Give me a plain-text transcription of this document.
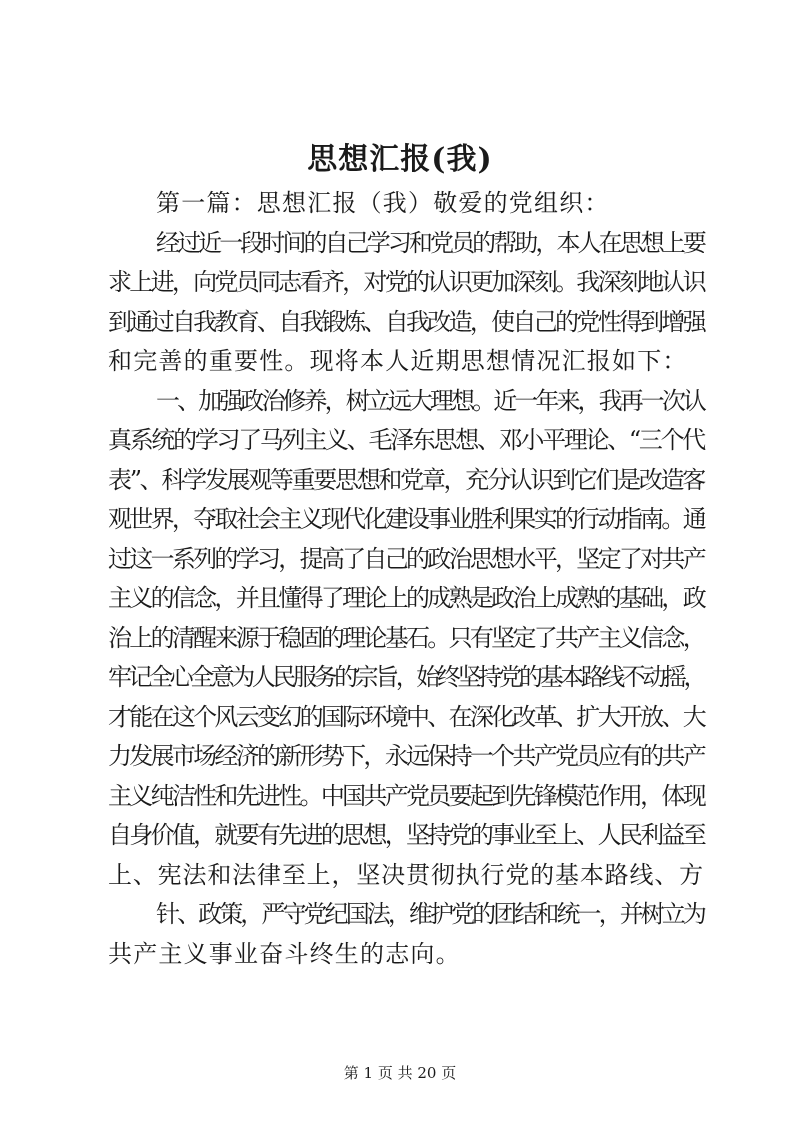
思想汇报(我)
第一篇：思想汇报（我）敬爱的党组织：
经过近一段时间的自己学习和党员的帮助，本人在思想上要
求上进，向党员同志看齐，对党的认识更加深刻。我深刻地认识
到通过自我教育、自我锻炼、自我改造，使自己的党性得到增强
和完善的重要性。现将本人近期思想情况汇报如下：
一、加强政治修养，树立远大理想。近一年来，我再一次认
真系统的学习了马列主义、毛泽东思想、邓小平理论、“三个代
表”、科学发展观等重要思想和党章，充分认识到它们是改造客
观世界，夺取社会主义现代化建设事业胜利果实的行动指南。通
过这一系列的学习，提高了自己的政治思想水平，坚定了对共产
主义的信念，并且懂得了理论上的成熟是政治上成熟的基础，政
治上的清醒来源于稳固的理论基石。只有坚定了共产主义信念，
牢记全心全意为人民服务的宗旨，始终坚持党的基本路线不动摇，
才能在这个风云变幻的国际环境中、在深化改革、扩大开放、大
力发展市场经济的新形势下，永远保持一个共产党员应有的共产
主义纯洁性和先进性。中国共产党员要起到先锋模范作用，体现
自身价值，就要有先进的思想，坚持党的事业至上、人民利益至
上、宪法和法律至上，坚决贯彻执行党的基本路线、方
针、政策，严守党纪国法，维护党的团结和统一，并树立为
共产主义事业奋斗终生的志向。
第 1 页 共 20 页
